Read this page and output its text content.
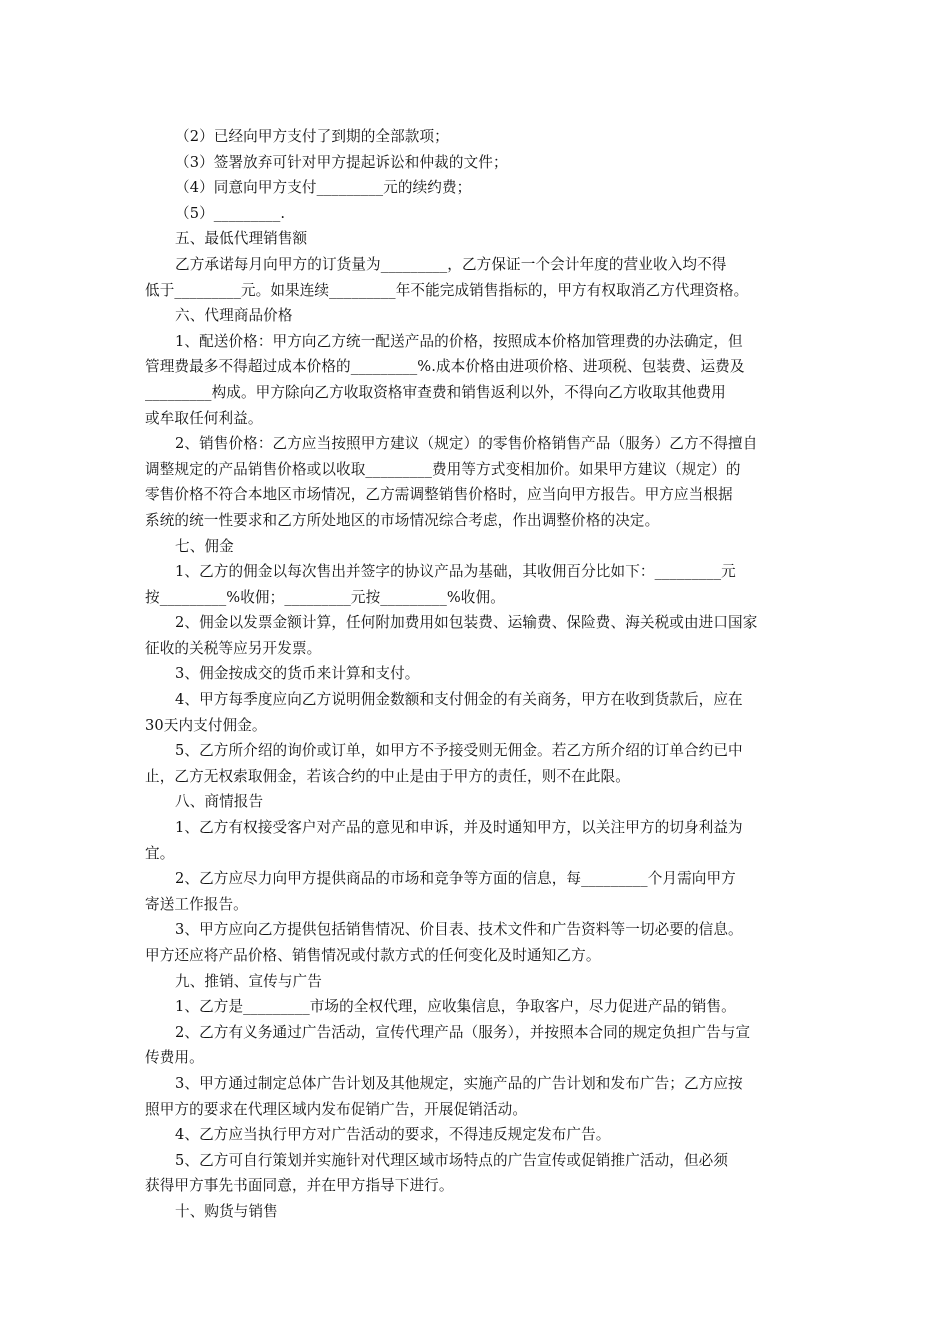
（2）已经向甲方支付了到期的全部款项；
（3）签署放弃可针对甲方提起诉讼和仲裁的文件；
（4）同意向甲方支付_________元的续约费；
（5）_________.
五、最低代理销售额
乙方承诺每月向甲方的订货量为_________，乙方保证一个会计年度的营业收入均不得
低于_________元。如果连续_________年不能完成销售指标的，甲方有权取消乙方代理资格。
六、代理商品价格
1、配送价格：甲方向乙方统一配送产品的价格，按照成本价格加管理费的办法确定，但
管理费最多不得超过成本价格的_________%.成本价格由进项价格、进项税、包装费、运费及
_________构成。甲方除向乙方收取资格审查费和销售返利以外，不得向乙方收取其他费用
或牟取任何利益。
2、销售价格：乙方应当按照甲方建议（规定）的零售价格销售产品（服务）乙方不得擅自
调整规定的产品销售价格或以收取_________费用等方式变相加价。如果甲方建议（规定）的
零售价格不符合本地区市场情况，乙方需调整销售价格时，应当向甲方报告。甲方应当根据
系统的统一性要求和乙方所处地区的市场情况综合考虑，作出调整价格的决定。
七、佣金
1、乙方的佣金以每次售出并签字的协议产品为基础，其收佣百分比如下：_________元
按_________%收佣；_________元按_________%收佣。
2、佣金以发票金额计算，任何附加费用如包装费、运输费、保险费、海关税或由进口国家
征收的关税等应另开发票。
3、佣金按成交的货币来计算和支付。
4、甲方每季度应向乙方说明佣金数额和支付佣金的有关商务，甲方在收到货款后，应在
30天内支付佣金。
5、乙方所介绍的询价或订单，如甲方不予接受则无佣金。若乙方所介绍的订单合约已中
止，乙方无权索取佣金，若该合约的中止是由于甲方的责任，则不在此限。
八、商情报告
1、乙方有权接受客户对产品的意见和申诉，并及时通知甲方，以关注甲方的切身利益为
宜。
2、乙方应尽力向甲方提供商品的市场和竞争等方面的信息，每_________个月需向甲方
寄送工作报告。
3、甲方应向乙方提供包括销售情况、价目表、技术文件和广告资料等一切必要的信息。
甲方还应将产品价格、销售情况或付款方式的任何变化及时通知乙方。
九、推销、宣传与广告
1、乙方是_________市场的全权代理，应收集信息，争取客户，尽力促进产品的销售。
2、乙方有义务通过广告活动，宣传代理产品（服务），并按照本合同的规定负担广告与宣
传费用。
3、甲方通过制定总体广告计划及其他规定，实施产品的广告计划和发布广告；乙方应按
照甲方的要求在代理区域内发布促销广告，开展促销活动。
4、乙方应当执行甲方对广告活动的要求，不得违反规定发布广告。
5、乙方可自行策划并实施针对代理区域市场特点的广告宣传或促销推广活动，但必须
获得甲方事先书面同意，并在甲方指导下进行。
十、购货与销售
